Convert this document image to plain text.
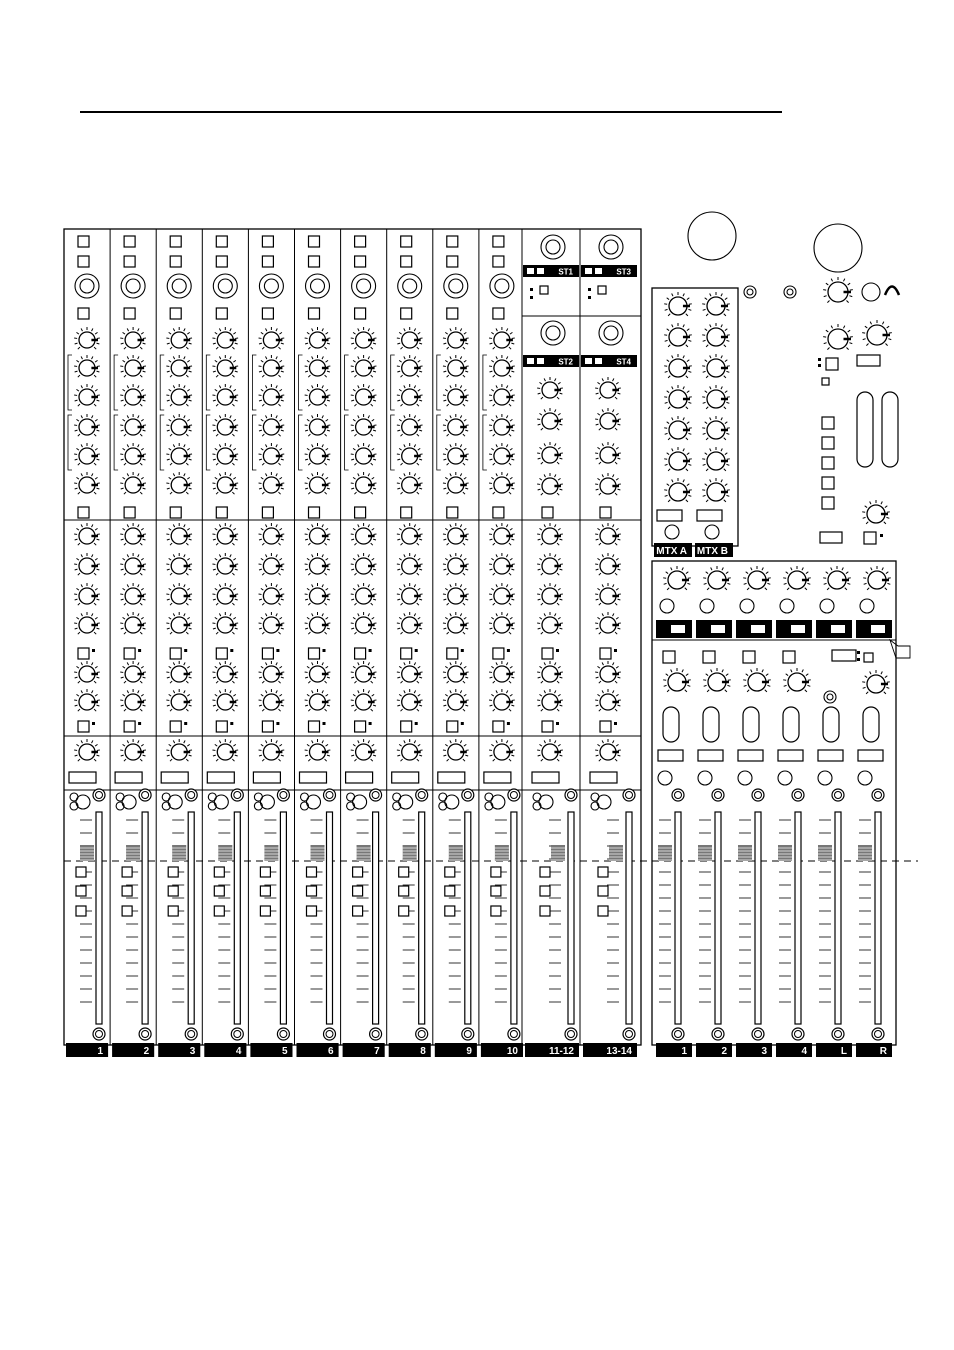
1	2	3	4	5	6	7	8	9	10
ST1
ST2
11-12
ST3
ST4
13-14
MTX A MTX B
1	2	3	4	L	R
